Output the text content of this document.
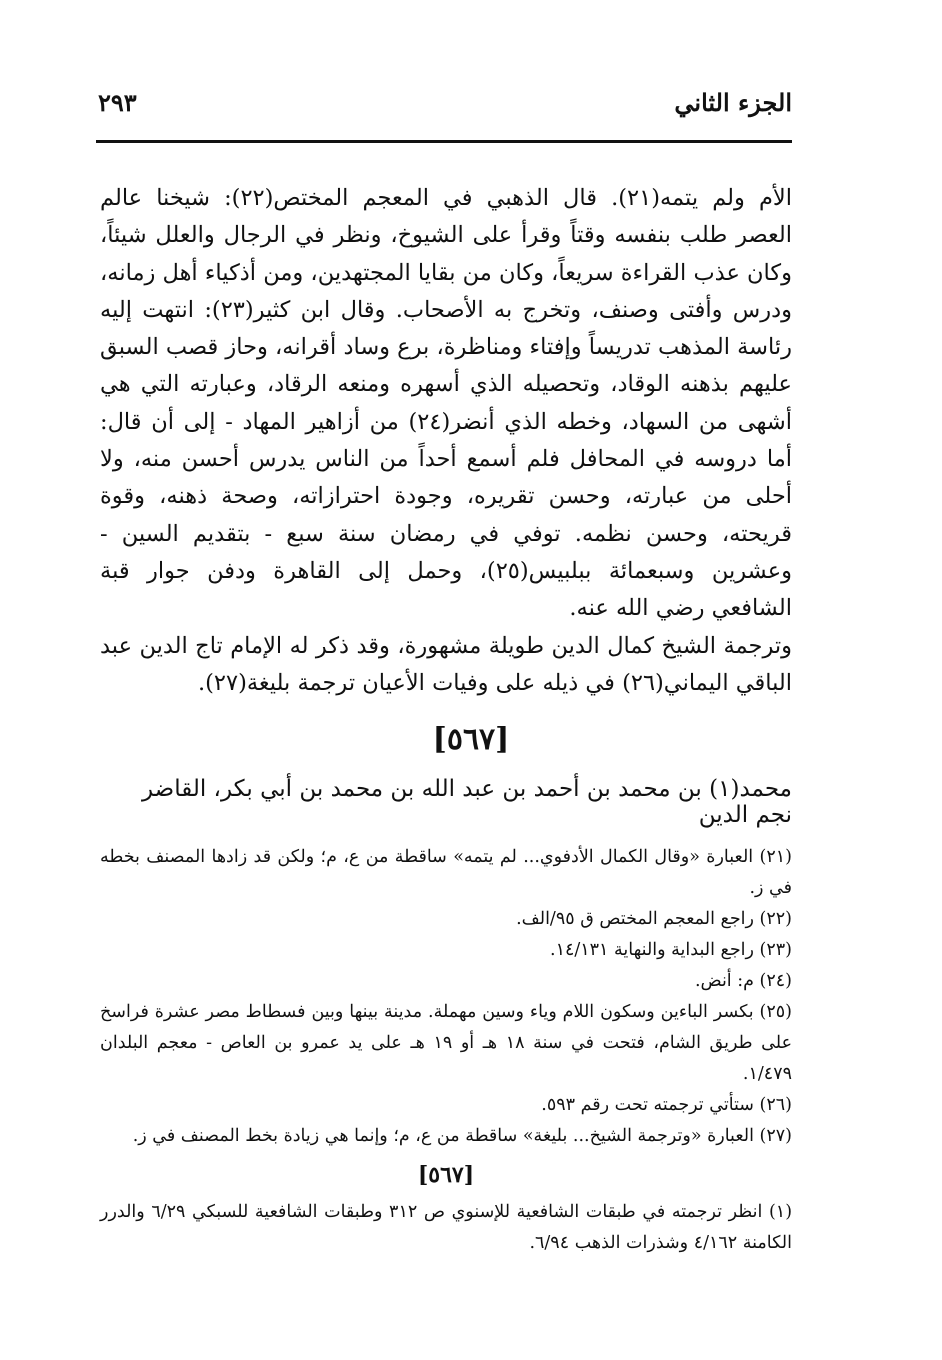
الجزء الثاني
٢٩٣

الأم ولم يتمه(٢١). قال الذهبي في المعجم المختص(٢٢): شيخنا عالم العصر طلب بنفسه وقتاً وقرأ على الشيوخ، ونظر في الرجال والعلل شيئاً، وكان عذب القراءة سريعاً، وكان من بقايا المجتهدين، ومن أذكياء أهل زمانه، ودرس وأفتى وصنف، وتخرج به الأصحاب. وقال ابن كثير(٢٣): انتهت إليه رئاسة المذهب تدريساً وإفتاء ومناظرة، برع وساد أقرانه، وحاز قصب السبق عليهم بذهنه الوقاد، وتحصيله الذي أسهره ومنعه الرقاد، وعبارته التي هي أشهى من السهاد، وخطه الذي أنضر(٢٤) من أزاهير المهاد - إلى أن قال: أما دروسه في المحافل فلم أسمع أحداً من الناس يدرس أحسن منه، ولا أحلى من عبارته، وحسن تقريره، وجودة احترازاته، وصحة ذهنه، وقوة قريحته، وحسن نظمه. توفي في رمضان سنة سبع - بتقديم السين - وعشرين وسبعمائة ببلبيس(٢٥)، وحمل إلى القاهرة ودفن جوار قبة الشافعي رضي الله عنه.

وترجمة الشيخ كمال الدين طويلة مشهورة، وقد ذكر له الإمام تاج الدين عبد الباقي اليماني(٢٦) في ذيله على وفيات الأعيان ترجمة بليغة(٢٧).

[٥٦٧]
محمد(١) بن محمد بن أحمد بن عبد الله بن محمد بن أبي بكر، القاضر نجم الدين

(٢١) العبارة «وقال الكمال الأدفوي... لم يتمه» ساقطة من ع، م؛ ولكن قد زادها المصنف بخطه في ز.

(٢٢) راجع المعجم المختص ق ٩٥/الف.

(٢٣) راجع البداية والنهاية ١٤/١٣١.

(٢٤) م: أنض.

(٢٥) بكسر الباءين وسكون اللام وياء وسين مهملة. مدينة بينها وبين فسطاط مصر عشرة فراسخ على طريق الشام، فتحت في سنة ١٨ هـ أو ١٩ هـ على يد عمرو بن العاص - معجم البلدان ١/٤٧٩.

(٢٦) ستأتي ترجمته تحت رقم ٥٩٣.

(٢٧) العبارة «وترجمة الشيخ... بليغة» ساقطة من ع، م؛ وإنما هي زيادة بخط المصنف في ز.

[٥٦٧]

(١) انظر ترجمته في طبقات الشافعية للإسنوي ص ٣١٢ وطبقات الشافعية للسبكي ٦/٢٩ والدرر الكامنة ٤/١٦٢ وشذرات الذهب ٦/٩٤.
